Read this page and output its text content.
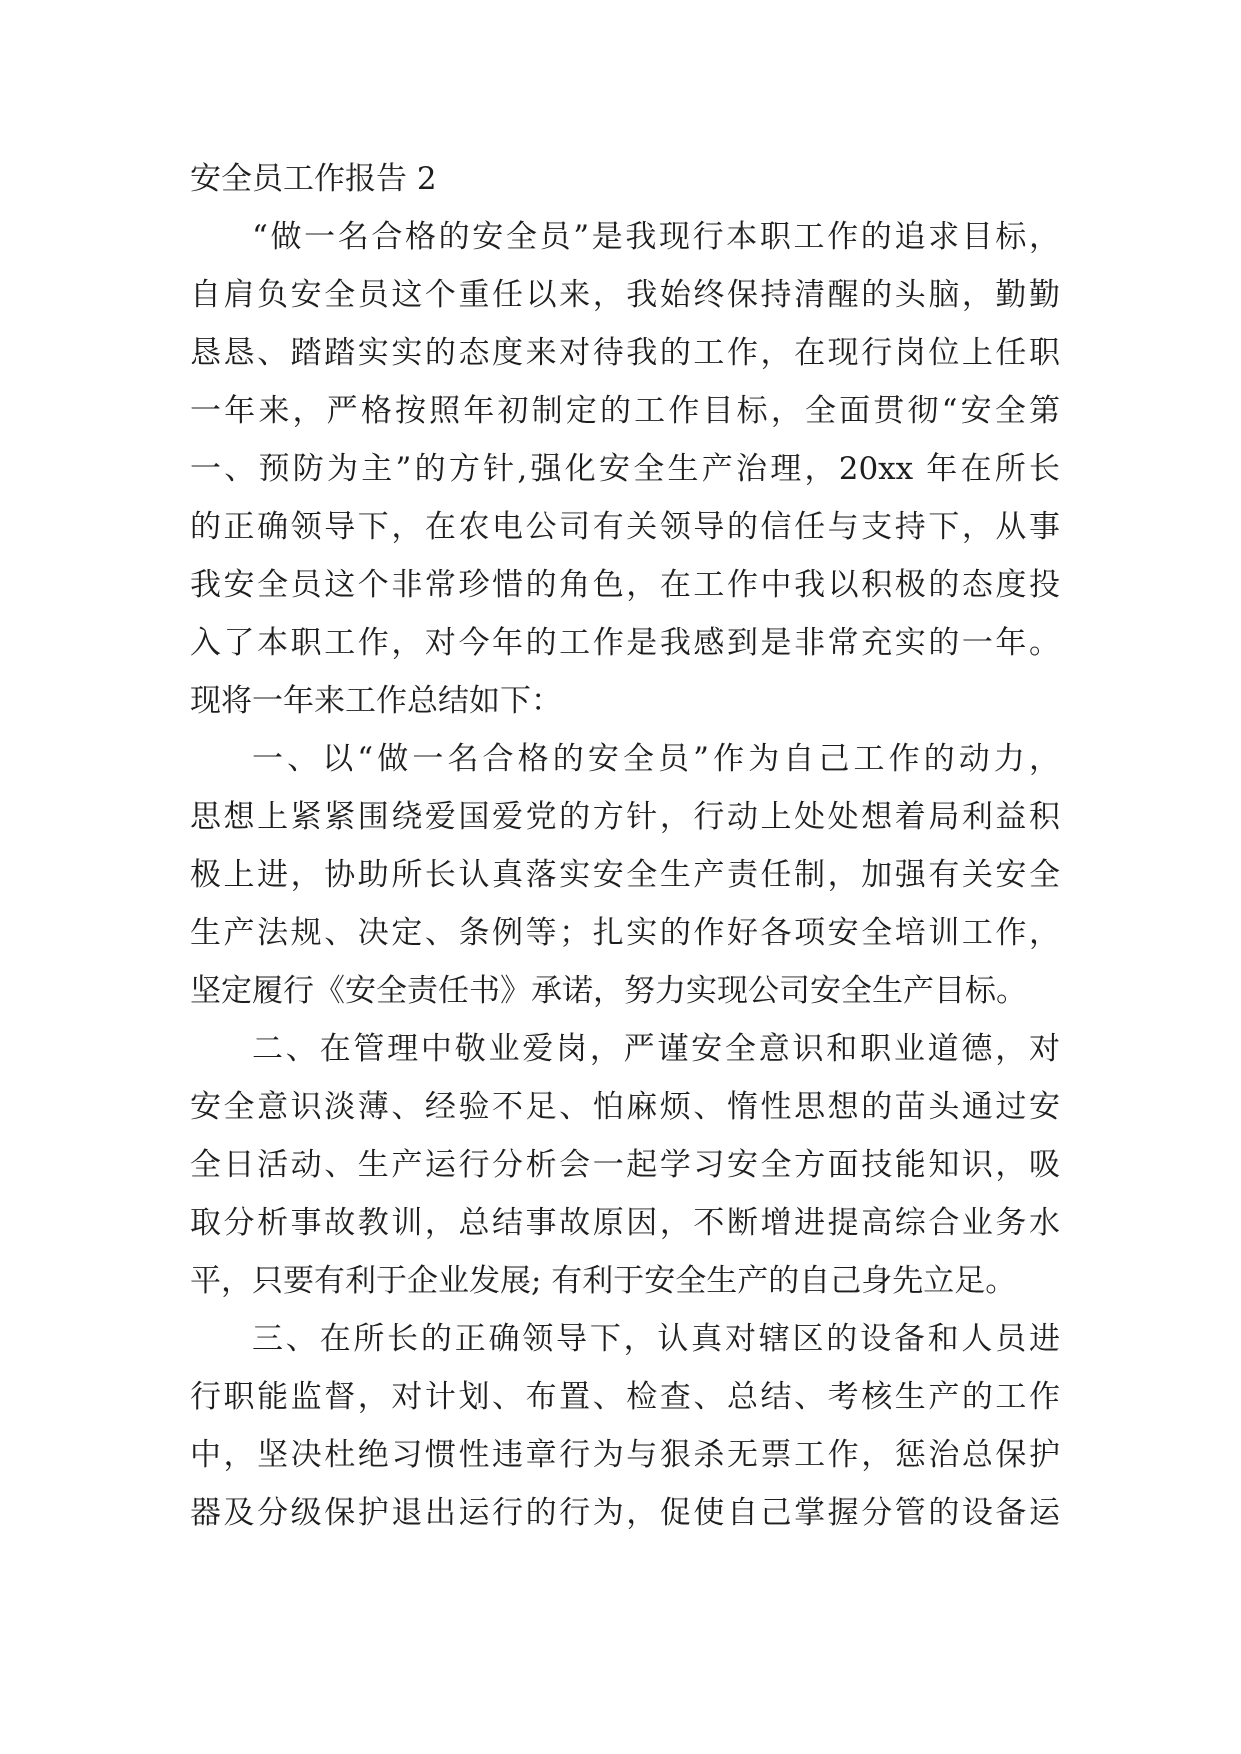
安全员工作报告 2
“做一名合格的安全员”是我现行本职工作的追求目标，
自肩负安全员这个重任以来，我始终保持清醒的头脑，勤勤
恳恳、踏踏实实的态度来对待我的工作，在现行岗位上任职
一年来，严格按照年初制定的工作目标，全面贯彻“安全第
一、预防为主”的方针,强化安全生产治理，20xx 年在所长
的正确领导下，在农电公司有关领导的信任与支持下，从事
我安全员这个非常珍惜的角色，在工作中我以积极的态度投
入了本职工作，对今年的工作是我感到是非常充实的一年。
现将一年来工作总结如下：
一、以“做一名合格的安全员”作为自己工作的动力，
思想上紧紧围绕爱国爱党的方针，行动上处处想着局利益积
极上进，协助所长认真落实安全生产责任制，加强有关安全
生产法规、决定、条例等；扎实的作好各项安全培训工作，
坚定履行《安全责任书》承诺，努力实现公司安全生产目标。
二、在管理中敬业爱岗，严谨安全意识和职业道德，对
安全意识淡薄、经验不足、怕麻烦、惰性思想的苗头通过安
全日活动、生产运行分析会一起学习安全方面技能知识，吸
取分析事故教训，总结事故原因，不断增进提高综合业务水
平，只要有利于企业发展; 有利于安全生产的自己身先立足。
三、在所长的正确领导下，认真对辖区的设备和人员进
行职能监督，对计划、布置、检查、总结、考核生产的工作
中，坚决杜绝习惯性违章行为与狠杀无票工作，惩治总保护
器及分级保护退出运行的行为，促使自己掌握分管的设备运
